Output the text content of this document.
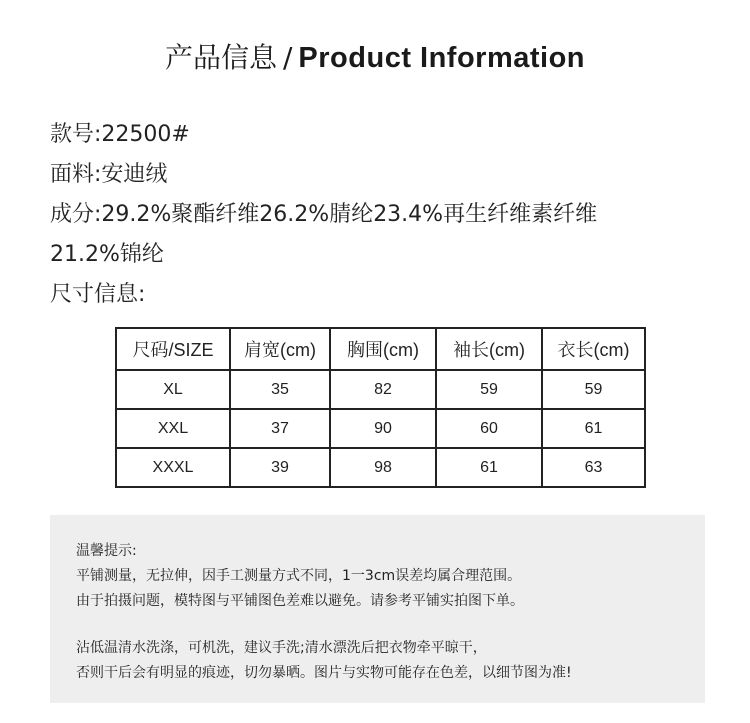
产品信息 / Product Information
款号:22500#
面料:安迪绒
成分:29.2%聚酯纤维26.2%腈纶23.4%再生纤维素纤维
21.2%锦纶
尺寸信息:
尺码/SIZE	肩宽(cm)	胸围(cm)	袖长(cm)	衣长(cm)
XL	35	82	59	59
XXL	37	90	60	61
XXXL	39	98	61	63
温馨提示:
平铺测量，无拉伸，因手工测量方式不同，1一3cm误差均属合理范围。
由于拍摄问题，模特图与平铺图色差难以避免。请参考平铺实拍图下单。
沾低温清水洗涤，可机洗，建议手洗;清水漂洗后把衣物牵平晾干，
否则干后会有明显的痕迹，切勿暴晒。图片与实物可能存在色差，以细节图为准!
